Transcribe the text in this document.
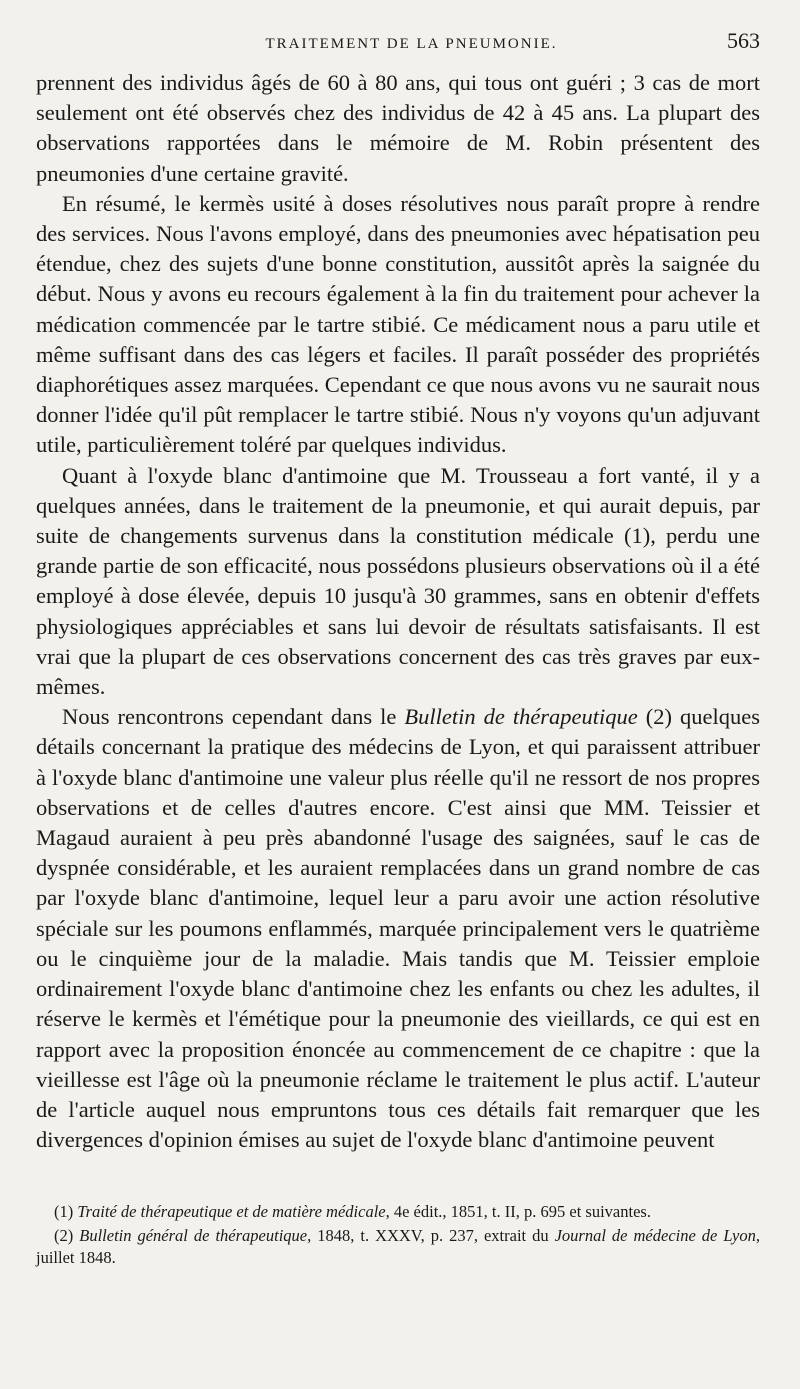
TRAITEMENT DE LA PNEUMONIE.	563

prennent des individus âgés de 60 à 80 ans, qui tous ont guéri ; 3 cas de mort seulement ont été observés chez des individus de 42 à 45 ans. La plupart des observations rapportées dans le mémoire de M. Robin présentent des pneumonies d'une certaine gravité.

En résumé, le kermès usité à doses résolutives nous paraît propre à rendre des services. Nous l'avons employé, dans des pneumonies avec hépatisation peu étendue, chez des sujets d'une bonne constitution, aussitôt après la saignée du début. Nous y avons eu recours également à la fin du traitement pour achever la médication commencée par le tartre stibié. Ce médicament nous a paru utile et même suffisant dans des cas légers et faciles. Il paraît posséder des propriétés diaphorétiques assez marquées. Cependant ce que nous avons vu ne saurait nous donner l'idée qu'il pût remplacer le tartre stibié. Nous n'y voyons qu'un adjuvant utile, particulièrement toléré par quelques individus.

Quant à l'oxyde blanc d'antimoine que M. Trousseau a fort vanté, il y a quelques années, dans le traitement de la pneumonie, et qui aurait depuis, par suite de changements survenus dans la constitution médicale (1), perdu une grande partie de son efficacité, nous possédons plusieurs observations où il a été employé à dose élevée, depuis 10 jusqu'à 30 grammes, sans en obtenir d'effets physiologiques appréciables et sans lui devoir de résultats satisfaisants. Il est vrai que la plupart de ces observations concernent des cas très graves par eux-mêmes.

Nous rencontrons cependant dans le Bulletin de thérapeutique (2) quelques détails concernant la pratique des médecins de Lyon, et qui paraissent attribuer à l'oxyde blanc d'antimoine une valeur plus réelle qu'il ne ressort de nos propres observations et de celles d'autres encore. C'est ainsi que MM. Teissier et Magaud auraient à peu près abandonné l'usage des saignées, sauf le cas de dyspnée considérable, et les auraient remplacées dans un grand nombre de cas par l'oxyde blanc d'antimoine, lequel leur a paru avoir une action résolutive spéciale sur les poumons enflammés, marquée principalement vers le quatrième ou le cinquième jour de la maladie. Mais tandis que M. Teissier emploie ordinairement l'oxyde blanc d'antimoine chez les enfants ou chez les adultes, il réserve le kermès et l'émétique pour la pneumonie des vieillards, ce qui est en rapport avec la proposition énoncée au commencement de ce chapitre : que la vieillesse est l'âge où la pneumonie réclame le traitement le plus actif. L'auteur de l'article auquel nous empruntons tous ces détails fait remarquer que les divergences d'opinion émises au sujet de l'oxyde blanc d'antimoine peuvent

(1) Traité de thérapeutique et de matière médicale, 4e édit., 1851, t. II, p. 695 et suivantes.

(2) Bulletin général de thérapeutique, 1848, t. XXXV, p. 237, extrait du Journal de médecine de Lyon, juillet 1848.
